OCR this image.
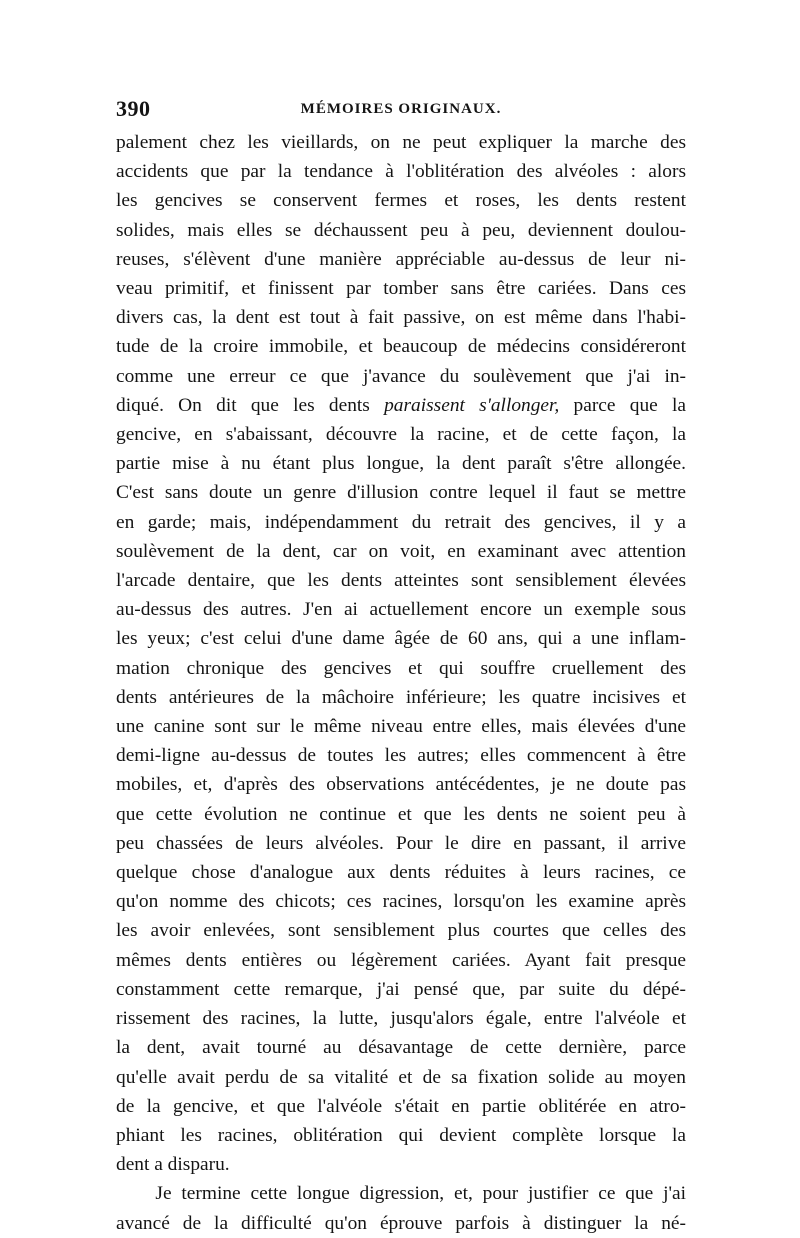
390	MÉMOIRES ORIGINAUX.

palement chez les vieillards, on ne peut expliquer la marche des

accidents que par la tendance à l'oblitération des alvéoles : alors

les gencives se conservent fermes et roses, les dents restent

solides, mais elles se déchaussent peu à peu, deviennent doulou-

reuses, s'élèvent d'une manière appréciable au-dessus de leur ni-

veau primitif, et finissent par tomber sans être cariées. Dans ces

divers cas, la dent est tout à fait passive, on est même dans l'habi-

tude de la croire immobile, et beaucoup de médecins considéreront

comme une erreur ce que j'avance du soulèvement que j'ai in-

diqué. On dit que les dents paraissent s'allonger, parce que la

gencive, en s'abaissant, découvre la racine, et de cette façon, la

partie mise à nu étant plus longue, la dent paraît s'être allongée.

C'est sans doute un genre d'illusion contre lequel il faut se mettre

en garde; mais, indépendamment du retrait des gencives, il y a

soulèvement de la dent, car on voit, en examinant avec attention

l'arcade dentaire, que les dents atteintes sont sensiblement élevées

au-dessus des autres. J'en ai actuellement encore un exemple sous

les yeux; c'est celui d'une dame âgée de 60 ans, qui a une inflam-

mation chronique des gencives et qui souffre cruellement des

dents antérieures de la mâchoire inférieure; les quatre incisives et

une canine sont sur le même niveau entre elles, mais élevées d'une

demi-ligne au-dessus de toutes les autres; elles commencent à être

mobiles, et, d'après des observations antécédentes, je ne doute pas

que cette évolution ne continue et que les dents ne soient peu à

peu chassées de leurs alvéoles. Pour le dire en passant, il arrive

quelque chose d'analogue aux dents réduites à leurs racines, ce

qu'on nomme des chicots; ces racines, lorsqu'on les examine après

les avoir enlevées, sont sensiblement plus courtes que celles des

mêmes dents entières ou légèrement cariées. Ayant fait presque

constamment cette remarque, j'ai pensé que, par suite du dépé-

rissement des racines, la lutte, jusqu'alors égale, entre l'alvéole et

la dent, avait tourné au désavantage de cette dernière, parce

qu'elle avait perdu de sa vitalité et de sa fixation solide au moyen

de la gencive, et que l'alvéole s'était en partie oblitérée en atro-

phiant les racines, oblitération qui devient complète lorsque la

dent a disparu.

Je termine cette longue digression, et, pour justifier ce que j'ai

avancé de la difficulté qu'on éprouve parfois à distinguer la né-
